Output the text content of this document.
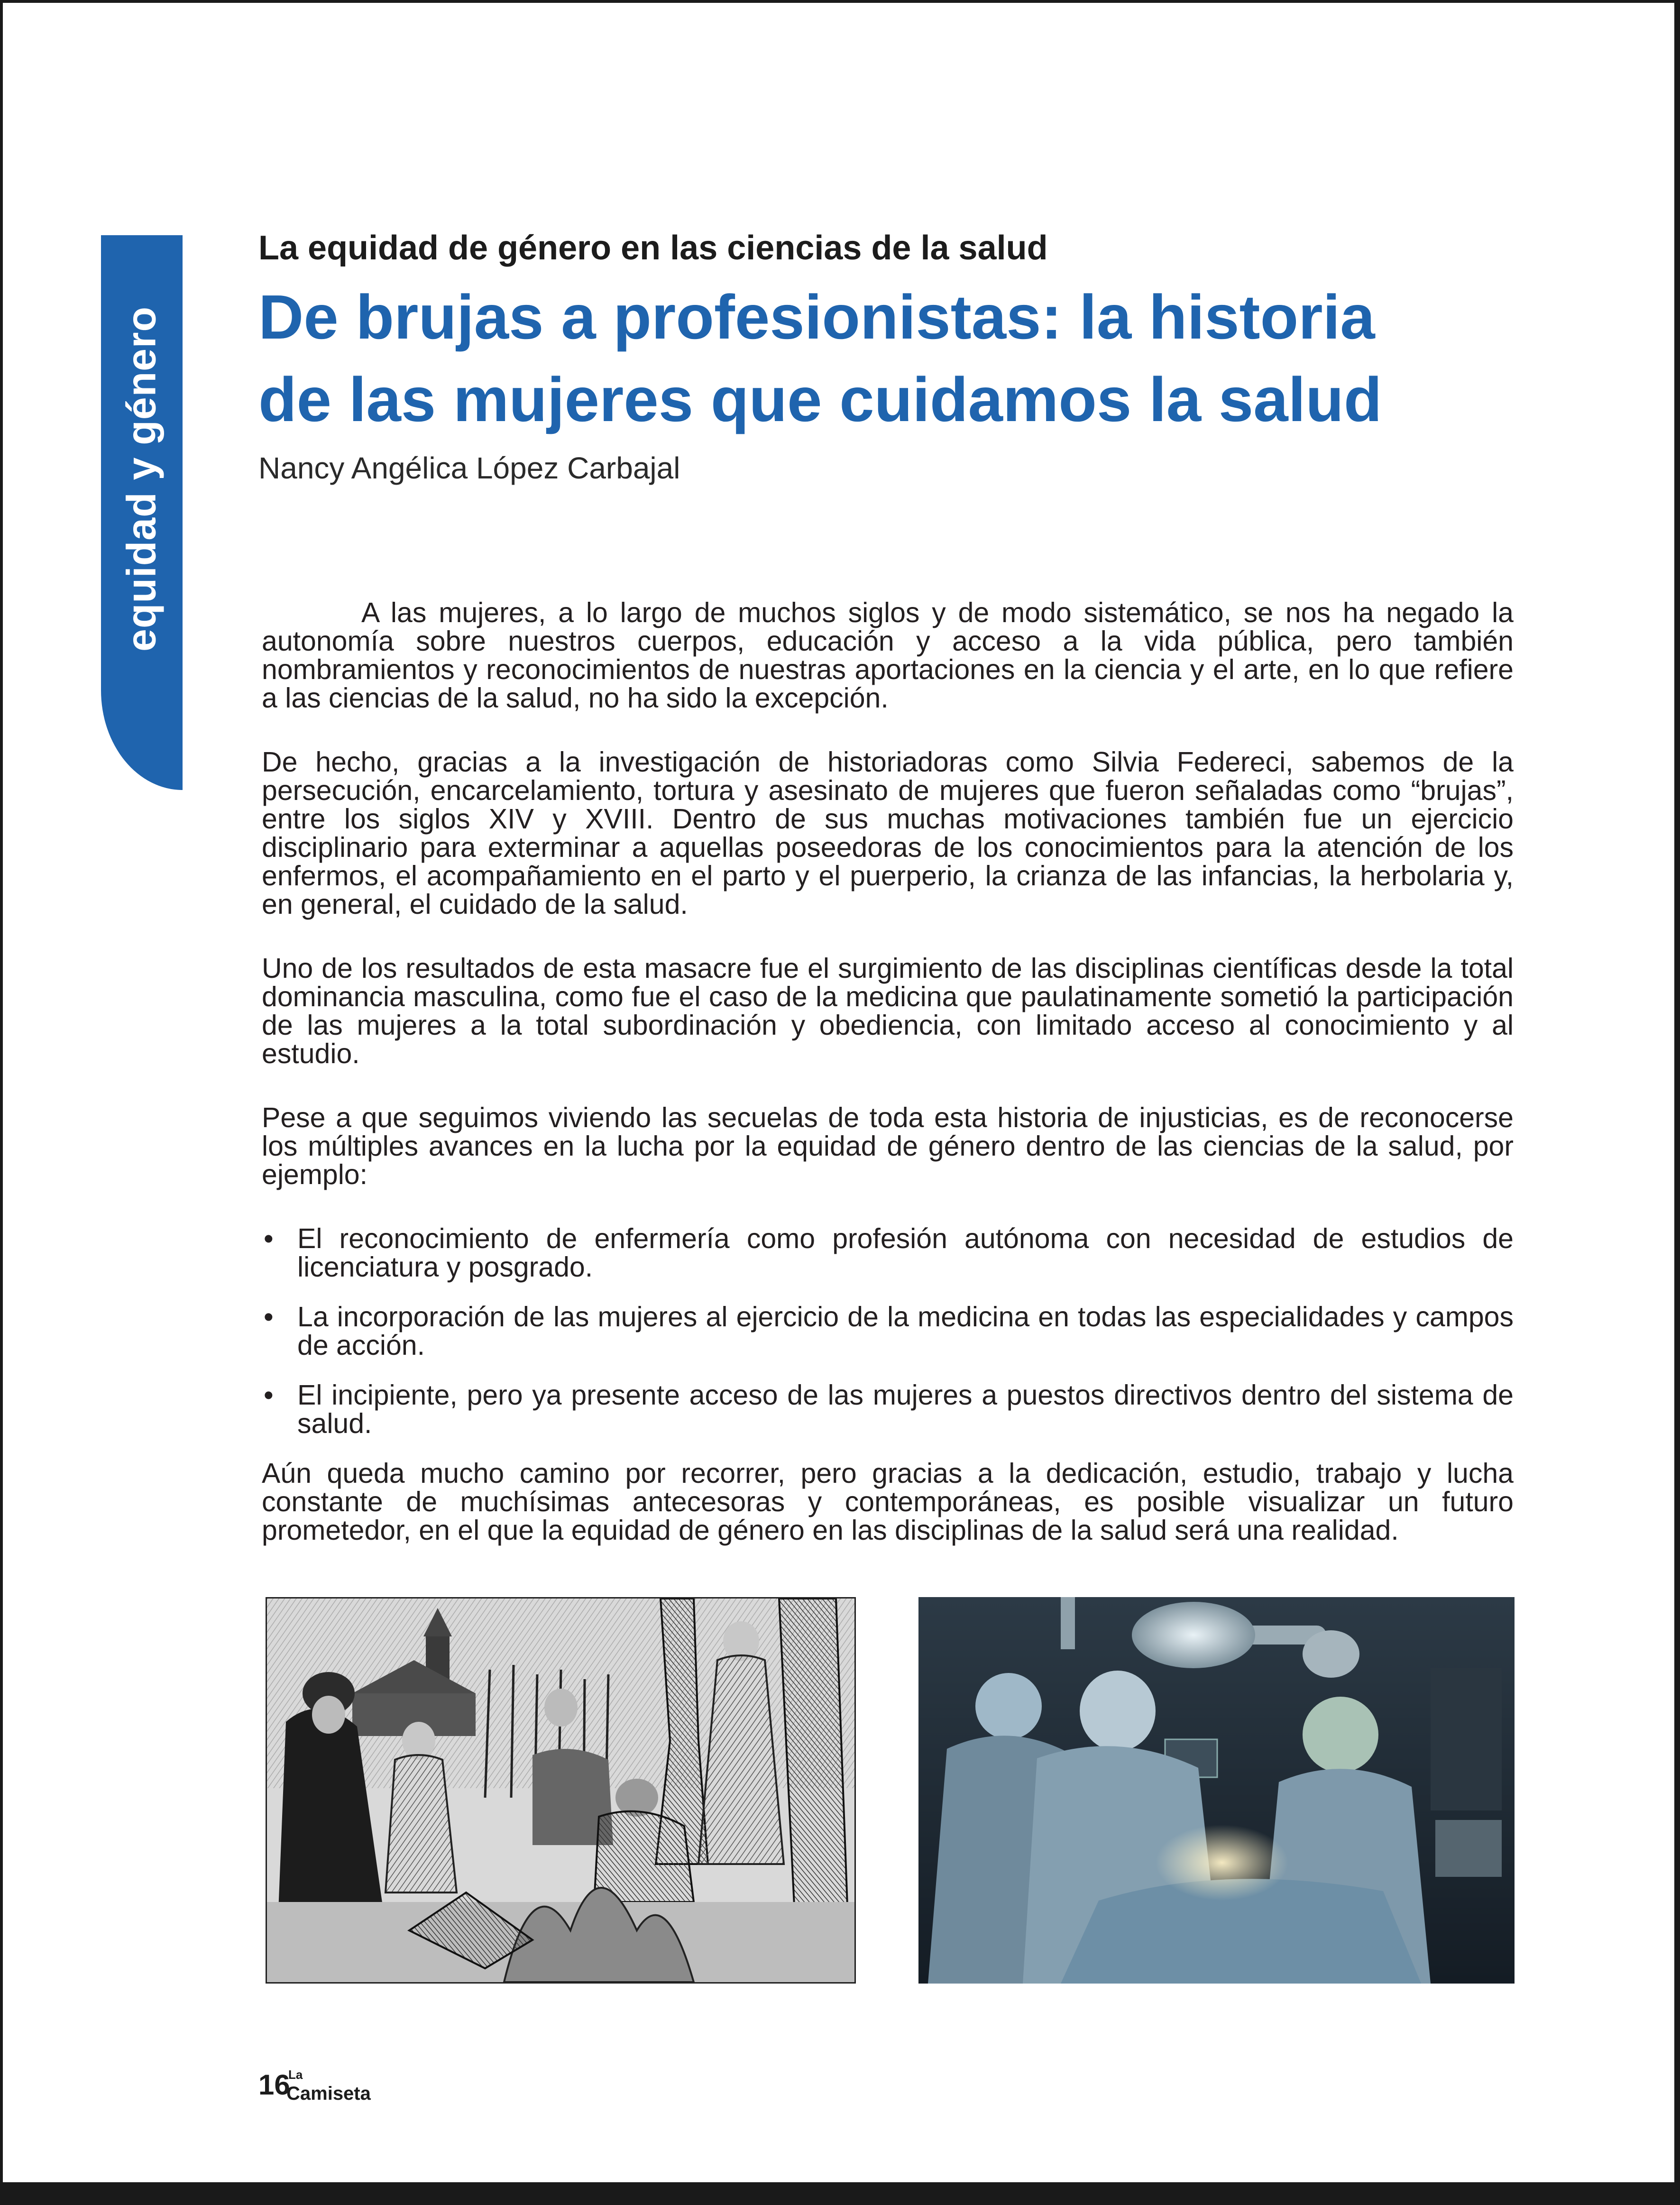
equidad y género
La equidad de género en las ciencias de la salud
De brujas a profesionistas: la historia
de las mujeres que cuidamos la salud
Nancy Angélica López Carbajal

A las mujeres, a lo largo de muchos siglos y de modo sistemático, se nos ha negado la autonomía sobre nuestros cuerpos, educación y acceso a la vida pública, pero también nombramientos y reconocimientos de nuestras aportaciones en la ciencia y el arte, en lo que refiere a las ciencias de la salud, no ha sido la excepción.

De hecho, gracias a la investigación de historiadoras como Silvia Federeci, sabemos de la persecución, encarcelamiento, tortura y asesinato de mujeres que fueron señaladas como “brujas”, entre los siglos XIV y XVIII. Dentro de sus muchas motivaciones también fue un ejercicio disciplinario para exterminar a aquellas poseedoras de los conocimientos para la atención de los enfermos, el acompañamiento en el parto y el puerperio, la crianza de las infancias, la herbolaria y, en general, el cuidado de la salud.

Uno de los resultados de esta masacre fue el surgimiento de las disciplinas científicas desde la total dominancia masculina, como fue el caso de la medicina que paulatinamente sometió la participación de las mujeres a la total subordinación y obediencia, con limitado acceso al conocimiento y al estudio.

Pese a que seguimos viviendo las secuelas de toda esta historia de injusticias, es de reconocerse los múltiples avances en la lucha por la equidad de género dentro de las ciencias de la salud, por ejemplo:

• El reconocimiento de enfermería como profesión autónoma con necesidad de estudios de licenciatura y posgrado.
• La incorporación de las mujeres al ejercicio de la medicina en todas las especialidades y campos de acción.
• El incipiente, pero ya presente acceso de las mujeres a puestos directivos dentro del sistema de salud.

Aún queda mucho camino por recorrer, pero gracias a la dedicación, estudio, trabajo y lucha constante de muchísimas antecesoras y contemporáneas, es posible visualizar un futuro prometedor, en el que la equidad de género en las disciplinas de la salud será una realidad.

16
La
Camiseta
